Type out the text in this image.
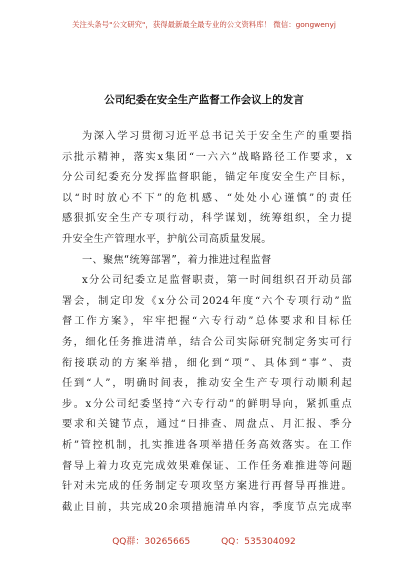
关注头条号"公文研究"，获得最新最全最专业的公文资料库！ 微信：gongwenyj
公司纪委在安全生产监督工作会议上的发言
为深入学习贯彻习近平总书记关于安全生产的重要指
示批示精神，落实x集团“一六六”战略路径工作要求，x
分公司纪委充分发挥监督职能，锚定年度安全生产目标，
以“时时放心不下”的危机感、“处处小心谨慎”的责任
感狠抓安全生产专项行动，科学谋划，统筹组织，全力提
升安全生产管理水平，护航公司高质量发展。
一、聚焦“统筹部署”，着力推进过程监督
x分公司纪委立足监督职责，第一时间组织召开动员部
署会，制定印发《x分公司2024年度“六个专项行动”监
督工作方案》，牢牢把握“六专行动”总体要求和目标任
务，细化任务推进清单，结合公司实际研究制定务实可行
衔接联动的方案举措，细化到“项”、具体到“事”、责
任到“人”，明确时间表，推动安全生产专项行动顺利起
步。x分公司纪委坚持“六专行动”的鲜明导向，紧抓重点
要求和关键节点，通过“日排查、周盘点、月汇报、季分
析”管控机制，扎实推进各项举措任务高效落实。在工作
督导上着力攻克完成效果难保证、工作任务难推进等问题
针对未完成的任务制定专项攻坚方案进行再督导再推进。
截止目前，共完成20余项措施清单内容，季度节点完成率
QQ群：30265665	QQ：535304092
